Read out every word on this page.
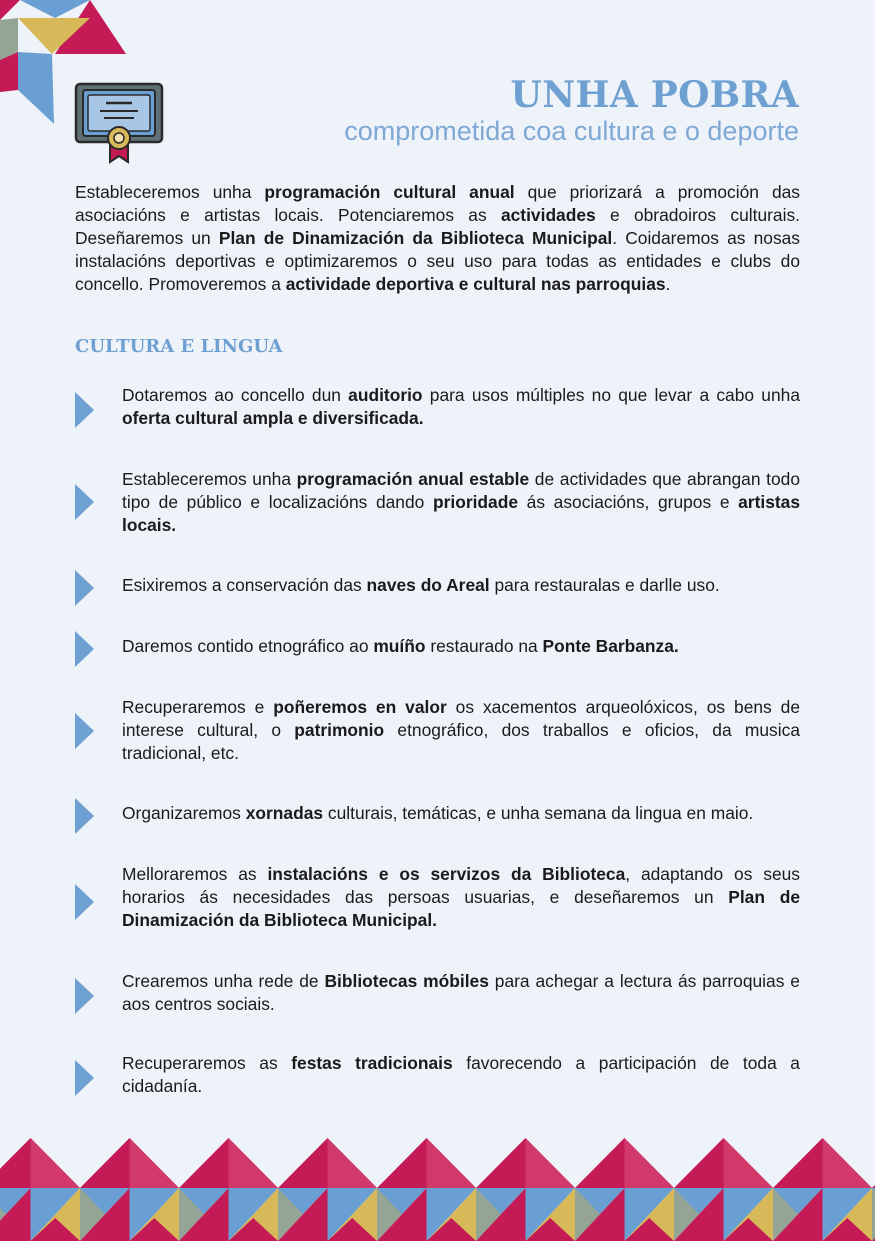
UNHA POBRA
comprometida coa cultura e o deporte
Estableceremos unha programación cultural anual que priorizará a promoción das asociacións e artistas locais. Potenciaremos as actividades e obradoiros culturais. Deseñaremos un Plan de Dinamización da Biblioteca Municipal. Coidaremos as nosas instalacións deportivas e optimizaremos o seu uso para todas as entidades e clubs do concello. Promoveremos a actividade deportiva e cultural nas parroquias.
CULTURA E LINGUA
Dotaremos ao concello dun auditorio para usos múltiples no que levar a cabo unha oferta cultural ampla e diversificada.
Estableceremos unha programación anual estable de actividades que abrangan todo tipo de público e localizacións dando prioridade ás asociacións, grupos e artistas locais.
Esixiremos a conservación das naves do Areal para restauralas e darlle uso.
Daremos contido etnográfico ao muíño restaurado na Ponte Barbanza.
Recuperaremos e poñeremos en valor os xacementos arqueolóxicos, os bens de interese cultural, o patrimonio etnográfico, dos traballos e oficios, da musica tradicional, etc.
Organizaremos xornadas culturais, temáticas, e unha semana da lingua en maio.
Melloraremos as instalacións e os servizos da Biblioteca, adaptando os seus horarios ás necesidades das persoas usuarias, e deseñaremos un Plan de Dinamización da Biblioteca Municipal.
Crearemos unha rede de Bibliotecas móbiles para achegar a lectura ás parroquias e aos centros sociais.
Recuperaremos as festas tradicionais favorecendo a participación de toda a cidadanía.
